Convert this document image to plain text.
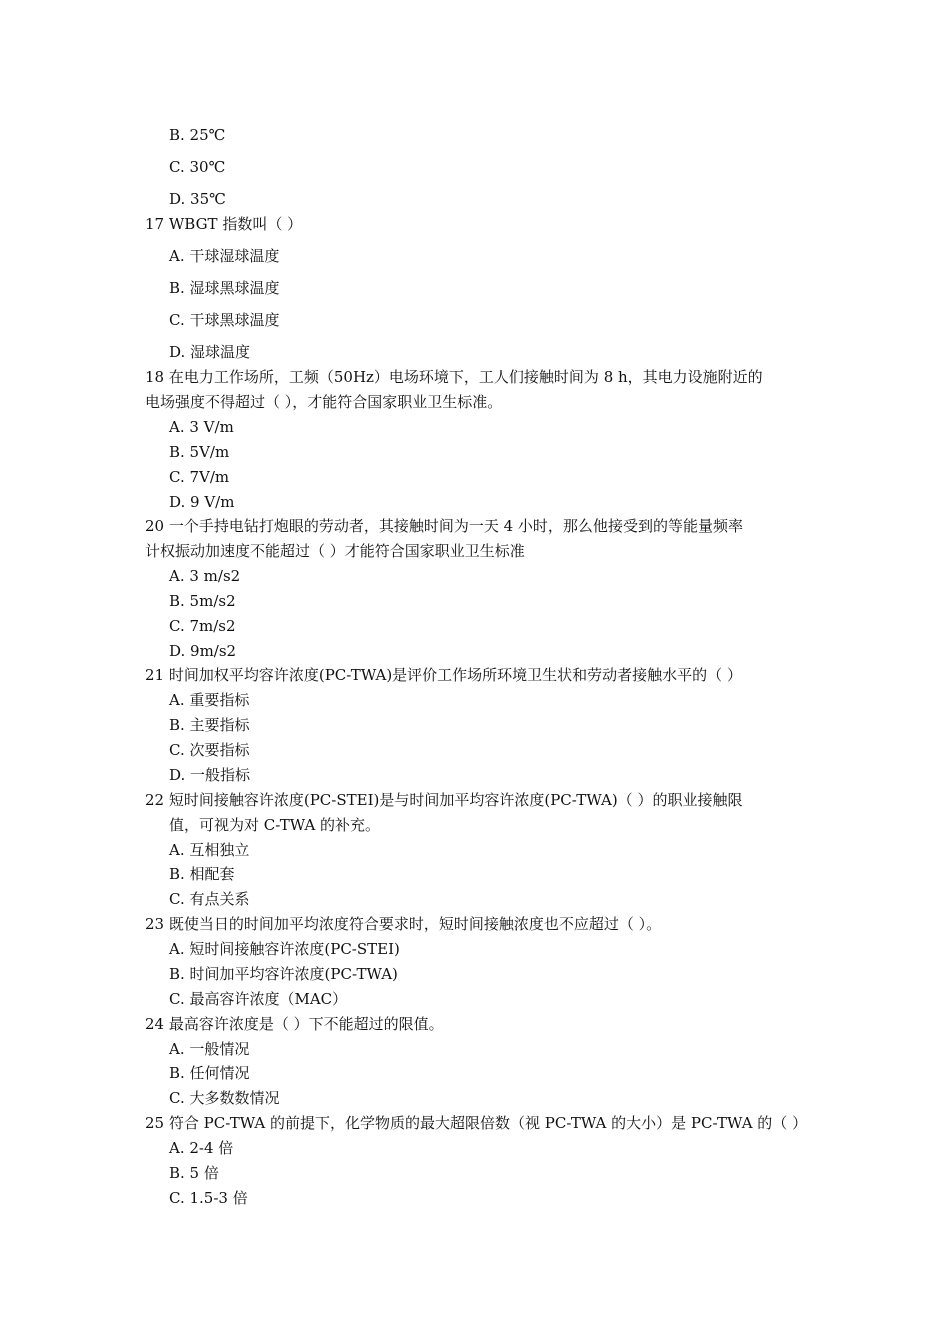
B. 25℃
C. 30℃
D. 35℃
17 WBGT 指数叫（ ）
A. 干球湿球温度
B. 湿球黑球温度
C. 干球黑球温度
D. 湿球温度
18 在电力工作场所，工频（50Hz）电场环境下，工人们接触时间为 8 h，其电力设施附近的
电场强度不得超过（ ），才能符合国家职业卫生标准。
A. 3 V/m
B. 5V/m
C. 7V/m
D. 9 V/m
20 一个手持电钻打炮眼的劳动者，其接触时间为一天 4 小时，那么他接受到的等能量频率
计权振动加速度不能超过（ ）才能符合国家职业卫生标准
A. 3 m/s2
B. 5m/s2
C. 7m/s2
D. 9m/s2
21 时间加权平均容许浓度(PC-TWA)是评价工作场所环境卫生状和劳动者接触水平的（ ）
A. 重要指标
B. 主要指标
C. 次要指标
D. 一般指标
22 短时间接触容许浓度(PC-STEI)是与时间加平均容许浓度(PC-TWA)（ ）的职业接触限
值，可视为对 C-TWA 的补充。
A. 互相独立
B. 相配套
C. 有点关系
23 既使当日的时间加平均浓度符合要求时，短时间接触浓度也不应超过（ ）。
A. 短时间接触容许浓度(PC-STEI)
B. 时间加平均容许浓度(PC-TWA)
C. 最高容许浓度（MAC）
24 最高容许浓度是（ ）下不能超过的限值。
A. 一般情况
B. 任何情况
C. 大多数数情况
25 符合 PC-TWA 的前提下，化学物质的最大超限倍数（视 PC-TWA 的大小）是 PC-TWA 的（ ）
A. 2-4 倍
B. 5 倍
C. 1.5-3 倍
